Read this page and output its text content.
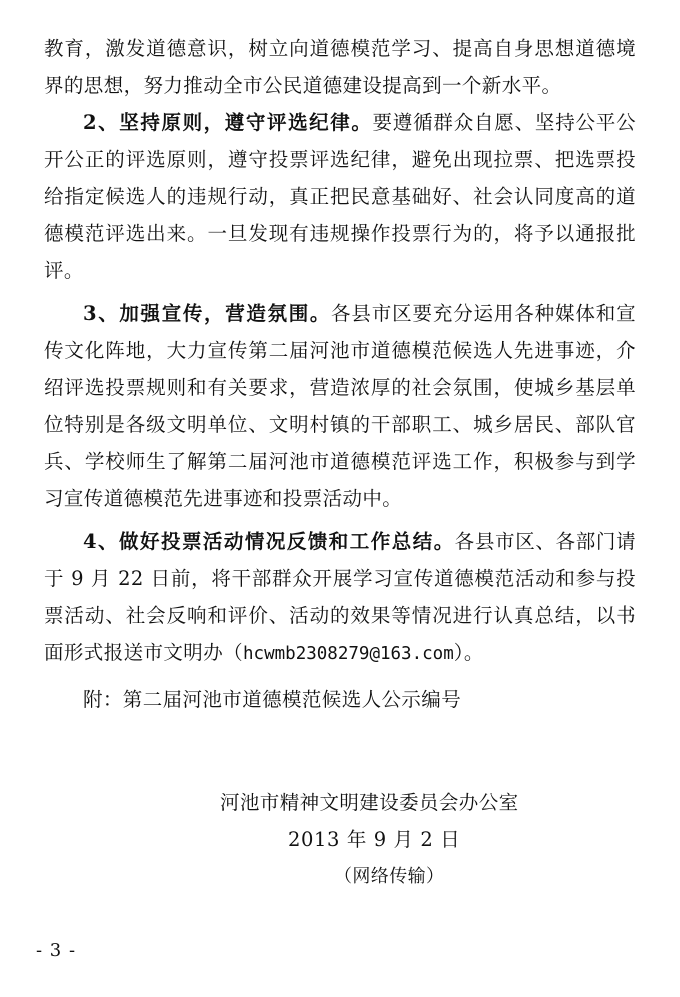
教育，激发道德意识，树立向道德模范学习、提高自身思想道德境界的思想，努力推动全市公民道德建设提高到一个新水平。

2、坚持原则，遵守评选纪律。要遵循群众自愿、坚持公平公开公正的评选原则，遵守投票评选纪律，避免出现拉票、把选票投给指定候选人的违规行动，真正把民意基础好、社会认同度高的道德模范评选出来。一旦发现有违规操作投票行为的，将予以通报批评。

3、加强宣传，营造氛围。各县市区要充分运用各种媒体和宣传文化阵地，大力宣传第二届河池市道德模范候选人先进事迹，介绍评选投票规则和有关要求，营造浓厚的社会氛围，使城乡基层单位特别是各级文明单位、文明村镇的干部职工、城乡居民、部队官兵、学校师生了解第二届河池市道德模范评选工作，积极参与到学习宣传道德模范先进事迹和投票活动中。

4、做好投票活动情况反馈和工作总结。各县市区、各部门请于 9 月 22 日前，将干部群众开展学习宣传道德模范活动和参与投票活动、社会反响和评价、活动的效果等情况进行认真总结，以书面形式报送市文明办（hcwmb2308279@163.com）。

附：第二届河池市道德模范候选人公示编号

河池市精神文明建设委员会办公室
2013 年 9 月 2 日
（网络传输）
- 3 -
